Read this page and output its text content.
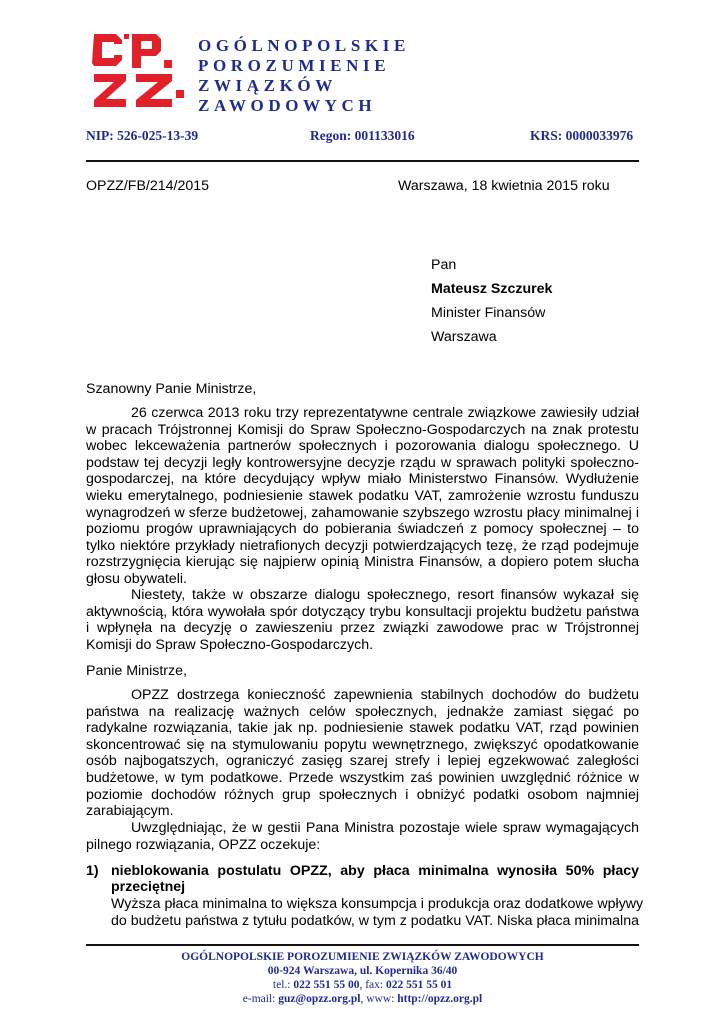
OGÓLNOPOLSKIE
POROZUMIENIE
ZWIĄZKÓW
ZAWODOWYCH
NIP: 526-025-13-39	Regon: 001133016	KRS: 0000033976
OPZZ/FB/214/2015	Warszawa, 18 kwietnia 2015 roku
Pan
Mateusz Szczurek
Minister Finansów
Warszawa
Szanowny Panie Ministrze,
26 czerwca 2013 roku trzy reprezentatywne centrale związkowe zawiesiły udział w pracach Trójstronnej Komisji do Spraw Społeczno-Gospodarczych na znak protestu wobec lekceważenia partnerów społecznych i pozorowania dialogu społecznego. U podstaw tej decyzji legły kontrowersyjne decyzje rządu w sprawach polityki społeczno-gospodarczej, na które decydujący wpływ miało Ministerstwo Finansów. Wydłużenie wieku emerytalnego, podniesienie stawek podatku VAT, zamrożenie wzrostu funduszu wynagrodzeń w sferze budżetowej, zahamowanie szybszego wzrostu płacy minimalnej i poziomu progów uprawniających do pobierania świadczeń z pomocy społecznej – to tylko niektóre przykłady nietrafionych decyzji potwierdzających tezę, że rząd podejmuje rozstrzygnięcia kierując się najpierw opinią Ministra Finansów, a dopiero potem słucha głosu obywateli.
Niestety, także w obszarze dialogu społecznego, resort finansów wykazał się aktywnością, która wywołała spór dotyczący trybu konsultacji projektu budżetu państwa i wpłynęła na decyzję o zawieszeniu przez związki zawodowe prac w Trójstronnej Komisji do Spraw Społeczno-Gospodarczych.
Panie Ministrze,
OPZZ dostrzega konieczność zapewnienia stabilnych dochodów do budżetu państwa na realizację ważnych celów społecznych, jednakże zamiast sięgać po radykalne rozwiązania, takie jak np. podniesienie stawek podatku VAT, rząd powinien skoncentrować się na stymulowaniu popytu wewnętrznego, zwiększyć opodatkowanie osób najbogatszych, ograniczyć zasięg szarej strefy i lepiej egzekwować zaległości budżetowe, w tym podatkowe. Przede wszystkim zaś powinien uwzględnić różnice w poziomie dochodów różnych grup społecznych i obniżyć podatki osobom najmniej zarabiającym.
Uwzględniając, że w gestii Pana Ministra pozostaje wiele spraw wymagających pilnego rozwiązania, OPZZ oczekuje:
1) nieblokowania postulatu OPZZ, aby płaca minimalna wynosiła 50% płacy
przeciętnej
Wyższa płaca minimalna to większa konsumpcja i produkcja oraz dodatkowe wpływy
do budżetu państwa z tytułu podatków, w tym z podatku VAT. Niska płaca minimalna
OGÓLNOPOLSKIE POROZUMIENIE ZWIĄZKÓW ZAWODOWYCH
00-924 Warszawa, ul. Kopernika 36/40
tel.: 022 551 55 00, fax: 022 551 55 01
e-mail: guz@opzz.org.pl, www: http://opzz.org.pl
